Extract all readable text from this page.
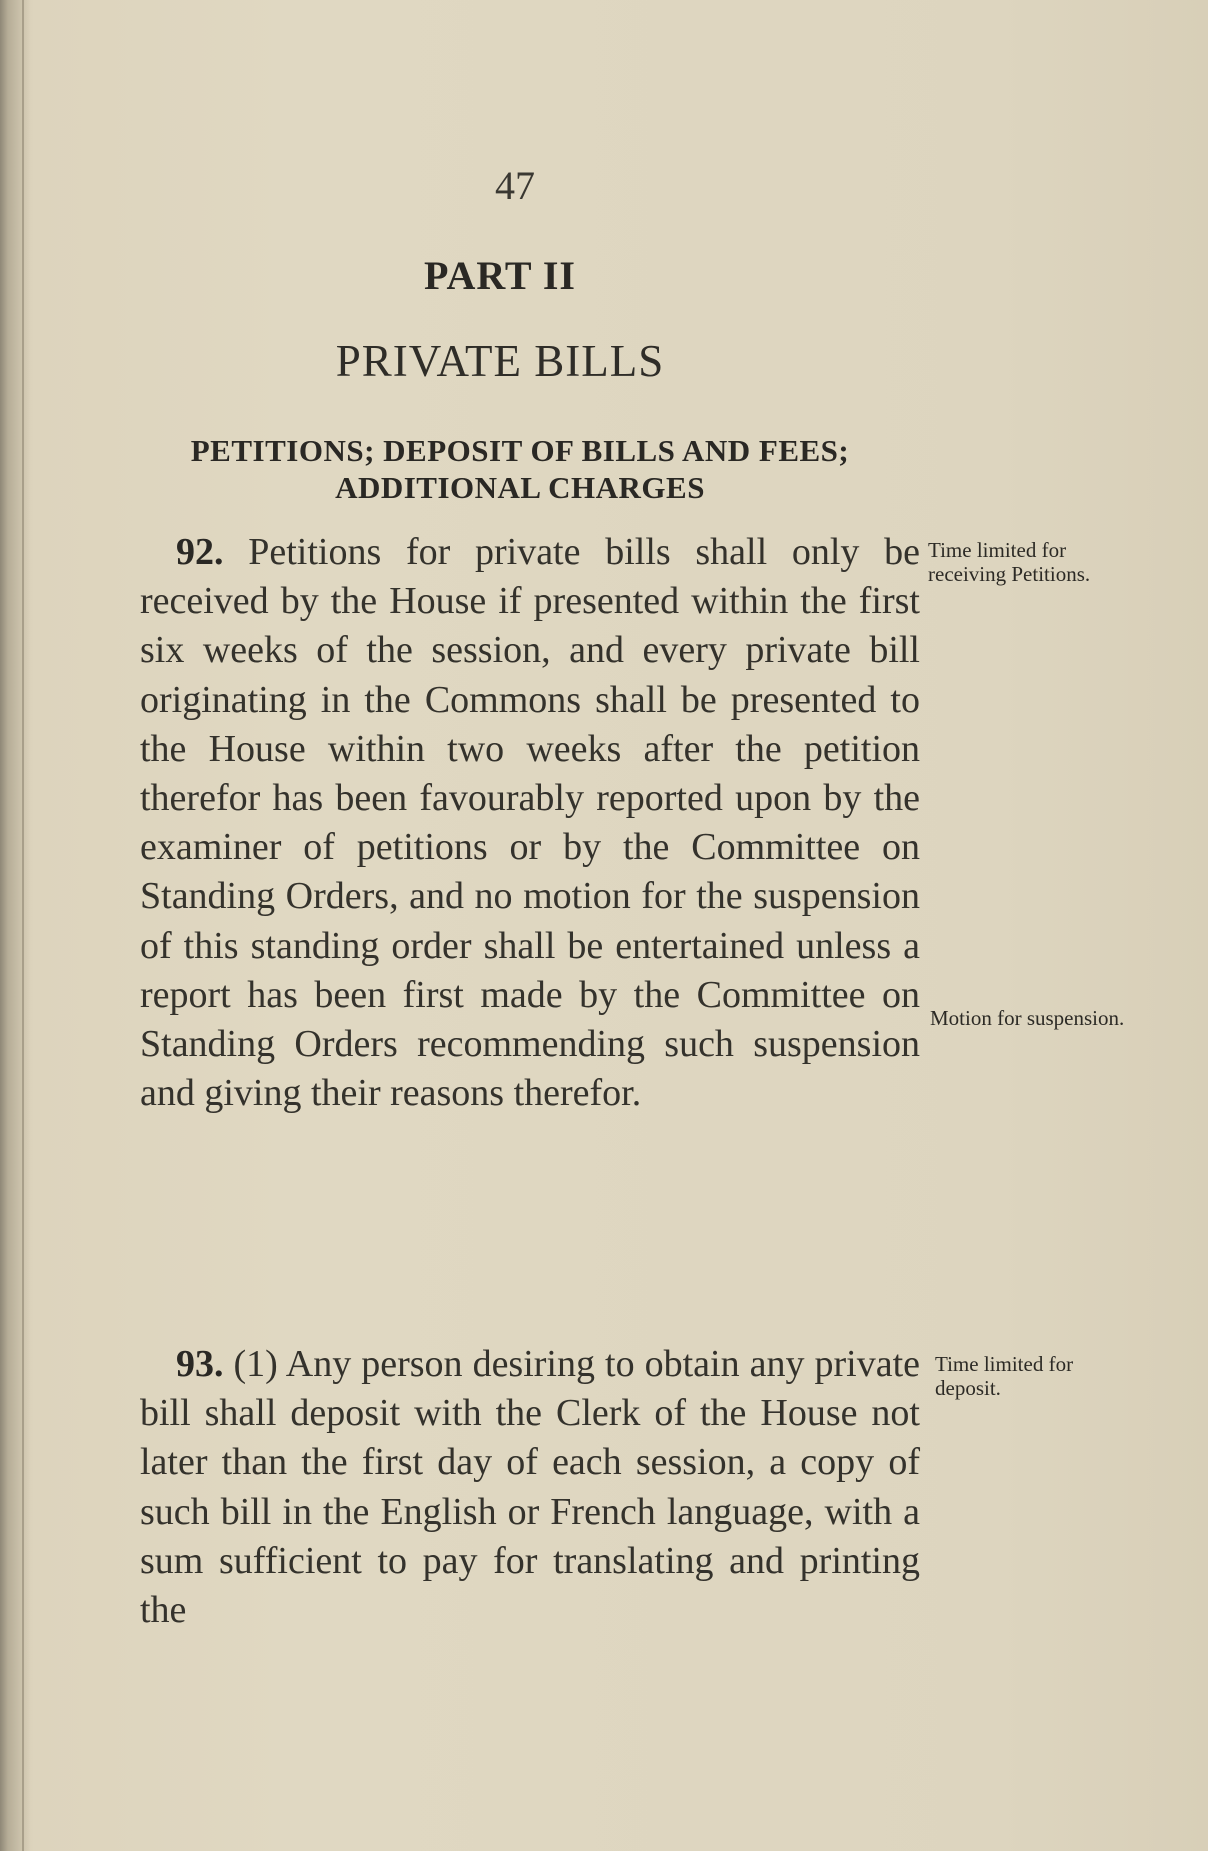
47
PART II
PRIVATE BILLS
PETITIONS; DEPOSIT OF BILLS AND FEES; ADDITIONAL CHARGES
92. Petitions for private bills shall only be received by the House if presented within the first six weeks of the session, and every private bill originating in the Commons shall be presented to the House within two weeks after the petition therefor has been favourably reported upon by the examiner of petitions or by the Committee on Standing Orders, and no motion for the suspension of this standing order shall be entertained unless a report has been first made by the Committee on Standing Orders recommending such suspension and giving their reasons therefor.
93. (1) Any person desiring to obtain any private bill shall deposit with the Clerk of the House not later than the first day of each session, a copy of such bill in the English or French language, with a sum sufficient to pay for translating and printing the
Time limited for receiving Petitions.
Motion for suspension.
Time limited for deposit.
